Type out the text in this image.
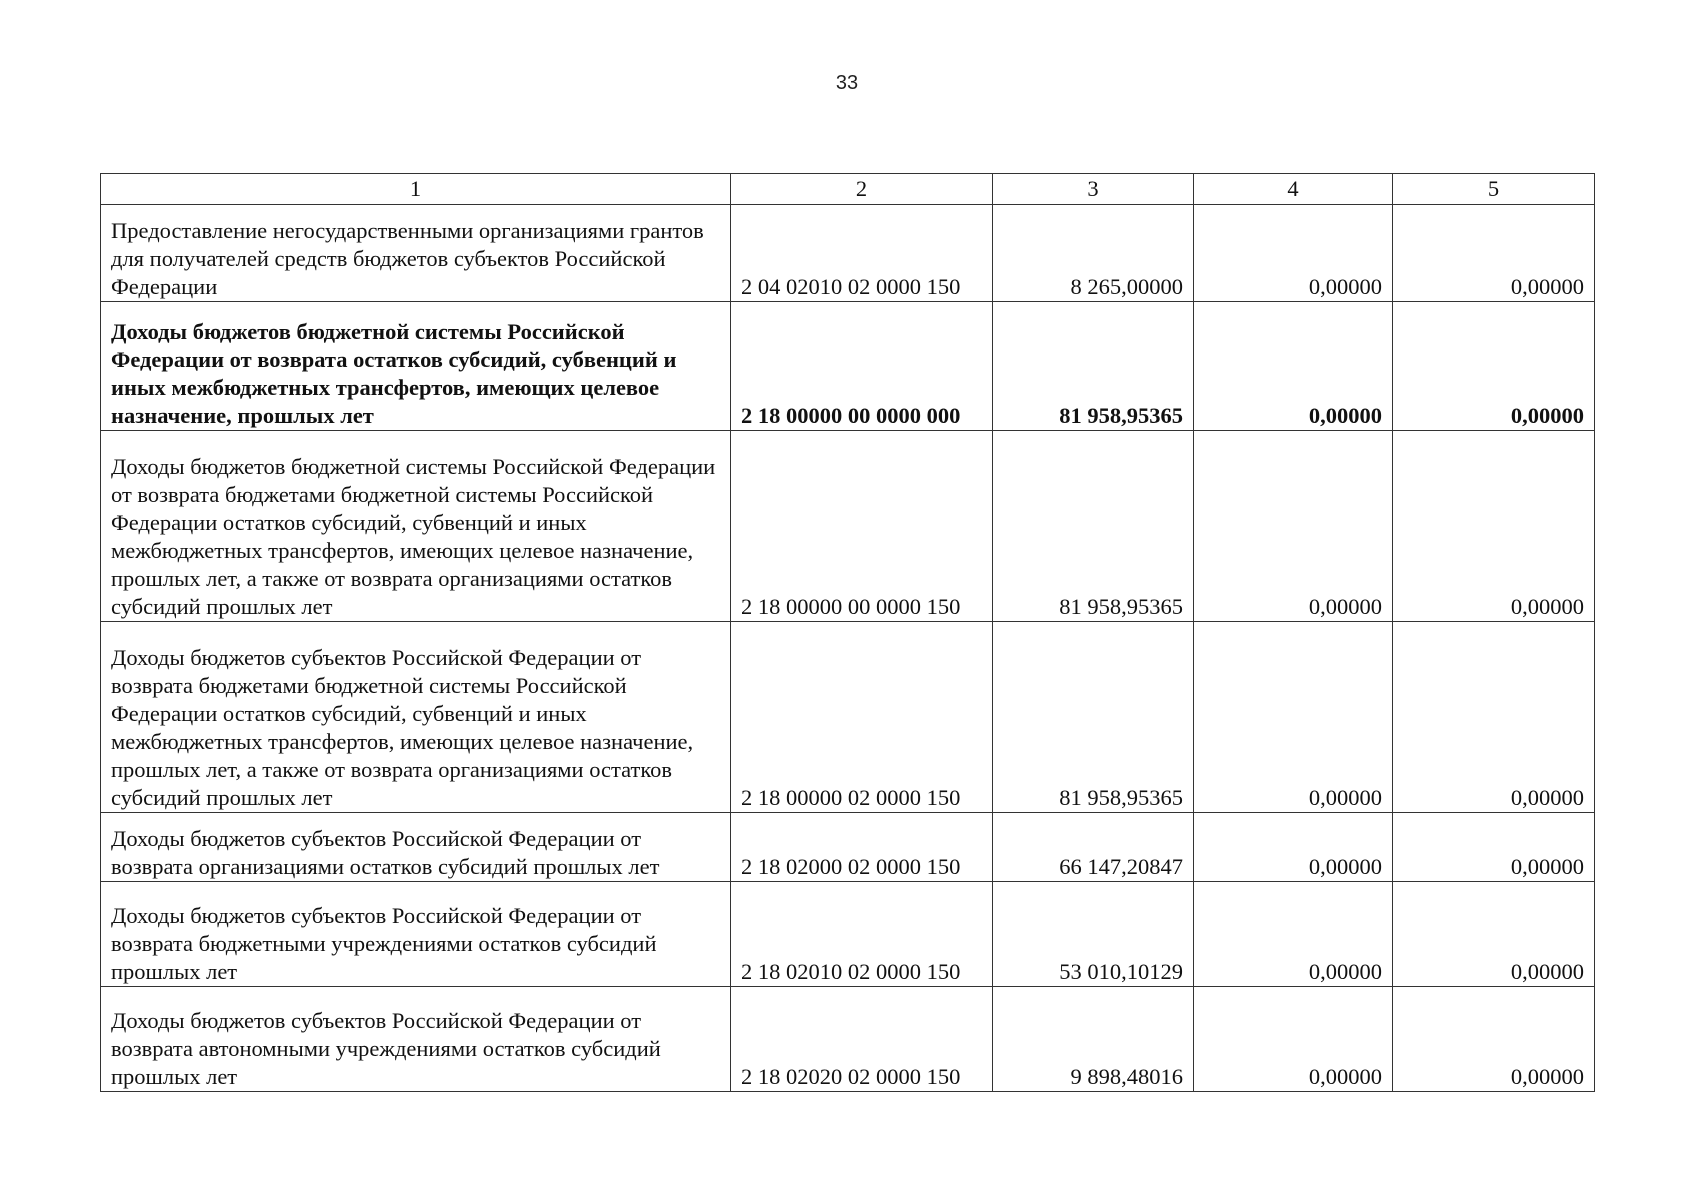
33
1	2	3	4	5
Предоставление негосударственными организациями грантов для получателей средств бюджетов субъектов Российской Федерации	2 04 02010 02 0000 150	8 265,00000	0,00000	0,00000
Доходы бюджетов бюджетной системы Российской Федерации от возврата остатков субсидий, субвенций и иных межбюджетных трансфертов, имеющих целевое назначение, прошлых лет	2 18 00000 00 0000 000	81 958,95365	0,00000	0,00000
Доходы бюджетов бюджетной системы Российской Федерации от возврата бюджетами бюджетной системы Российской Федерации остатков субсидий, субвенций и иных межбюджетных трансфертов, имеющих целевое назначение, прошлых лет, а также от возврата организациями остатков субсидий прошлых лет	2 18 00000 00 0000 150	81 958,95365	0,00000	0,00000
Доходы бюджетов субъектов Российской Федерации от возврата бюджетами бюджетной системы Российской Федерации остатков субсидий, субвенций и иных межбюджетных трансфертов, имеющих целевое назначение, прошлых лет, а также от возврата организациями остатков субсидий прошлых лет	2 18 00000 02 0000 150	81 958,95365	0,00000	0,00000
Доходы бюджетов субъектов Российской Федерации от возврата организациями остатков субсидий прошлых лет	2 18 02000 02 0000 150	66 147,20847	0,00000	0,00000
Доходы бюджетов субъектов Российской Федерации от возврата бюджетными учреждениями остатков субсидий прошлых лет	2 18 02010 02 0000 150	53 010,10129	0,00000	0,00000
Доходы бюджетов субъектов Российской Федерации от возврата автономными учреждениями остатков субсидий прошлых лет	2 18 02020 02 0000 150	9 898,48016	0,00000	0,00000
